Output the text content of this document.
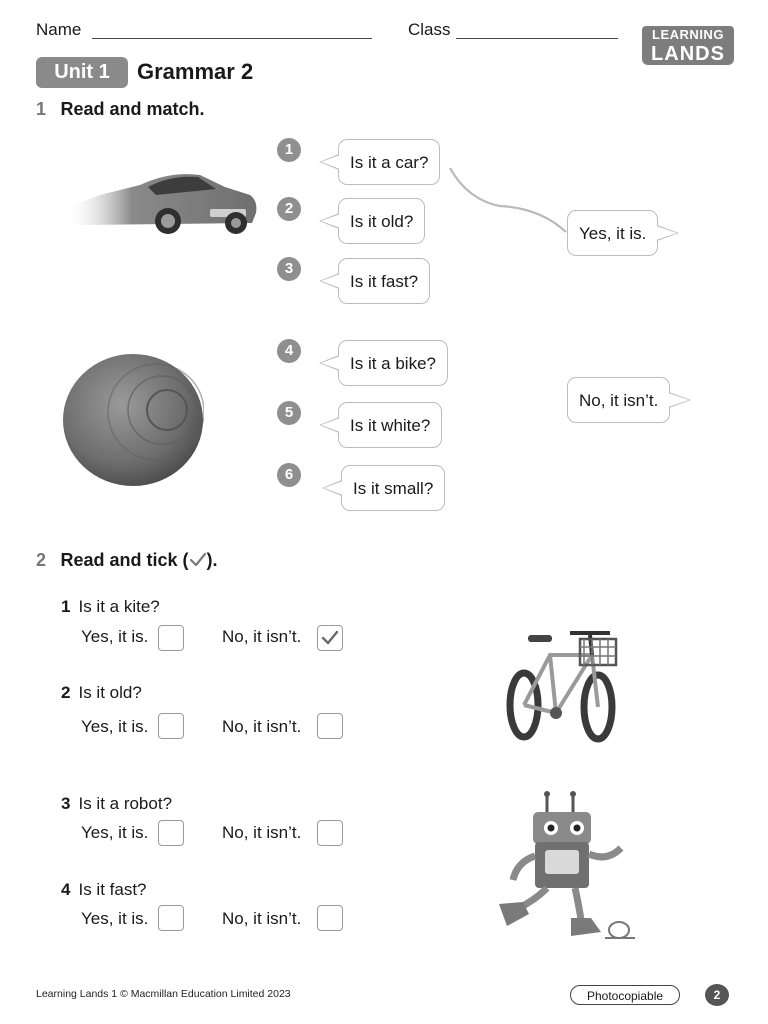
Name	Class	LEARNING
LANDS
Unit 1	Grammar 2
1 Read and match.
1
2
3
4
5
6
Is it a car?
Is it old?
Is it fast?
Is it a bike?
Is it white?
Is it small?
Yes, it is.
No, it isn’t.
2 Read and tick ( ).
1 Is it a kite?
Yes, it is.	No, it isn’t.
2 Is it old?
Yes, it is.	No, it isn’t.
3 Is it a robot?
Yes, it is.	No, it isn’t.
4 Is it fast?
Yes, it is.	No, it isn’t.
Learning Lands 1 © Macmillan Education Limited 2023	Photocopiable	2
